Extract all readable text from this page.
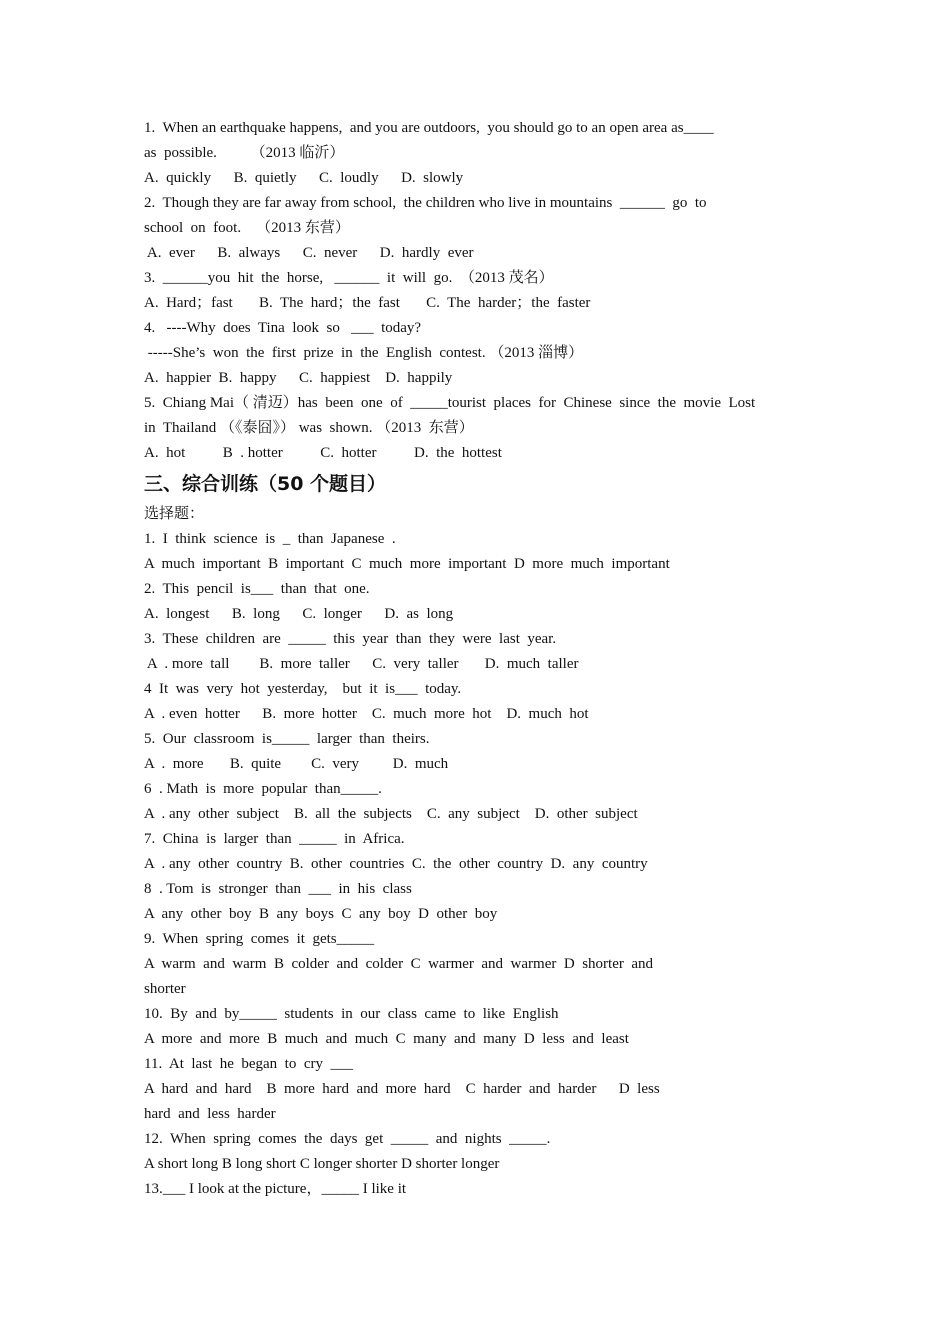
1.  When an earthquake happens,  and you are outdoors,  you should go to an open area as____
as  possible.         （2013 临沂）
A.  quickly      B.  quietly      C.  loudly      D.  slowly
2.  Though they are far away from school,  the children who live in mountains  ______  go  to
school  on  foot.    （2013 东营）
A.  ever      B.  always      C.  never      D.  hardly  ever
3.  ______you  hit  the  horse,   ______  it  will  go.  （2013 茂名）
A.  Hard；fast       B.  The  hard；the  fast       C.  The  harder；the  faster
4.   ----Why  does  Tina  look  so   ___  today?
-----She’s  won  the  first  prize  in  the  English  contest. （2013 淄博）
A.  happier  B.  happy      C.  happiest    D.  happily
5.  Chiang Mai（ 清迈）has  been  one  of  _____tourist  places  for  Chinese  since  the  movie  Lost
in  Thailand （《泰囧》） was  shown. （2013  东营）
A.  hot          B  . hotter          C.  hotter          D.  the  hottest
三、综合训练（50 个题目）
选择题：
1.  I  think  science  is  _  than  Japanese  .
A  much  important  B  important  C  much  more  important  D  more  much  important
2.  This  pencil  is___  than  that  one.
A.  longest      B.  long      C.  longer      D.  as  long
3.  These  children  are  _____  this  year  than  they  were  last  year.
A  . more  tall        B.  more  taller      C.  very  taller       D.  much  taller
4  It  was  very  hot  yesterday,    but  it  is___  today.
A  . even  hotter      B.  more  hotter    C.  much  more  hot    D.  much  hot
5.  Our  classroom  is_____  larger  than  theirs.
A  .  more       B.  quite        C.  very         D.  much
6  . Math  is  more  popular  than_____.
A  . any  other  subject    B.  all  the  subjects    C.  any  subject    D.  other  subject
7.  China  is  larger  than  _____  in  Africa.
A  . any  other  country  B.  other  countries  C.  the  other  country  D.  any  country
8  . Tom  is  stronger  than  ___  in  his  class
A  any  other  boy  B  any  boys  C  any  boy  D  other  boy
9.  When  spring  comes  it  gets_____
A  warm  and  warm  B  colder  and  colder  C  warmer  and  warmer  D  shorter  and
shorter
10.  By  and  by_____  students  in  our  class  came  to  like  English
A  more  and  more  B  much  and  much  C  many  and  many  D  less  and  least
11.  At  last  he  began  to  cry  ___
A  hard  and  hard    B  more  hard  and  more  hard    C  harder  and  harder      D  less
hard  and  less  harder
12.  When  spring  comes  the  days  get  _____  and  nights  _____.
A short long B long short C longer shorter D shorter longer
13.___ I look at the picture，_____ I like it
